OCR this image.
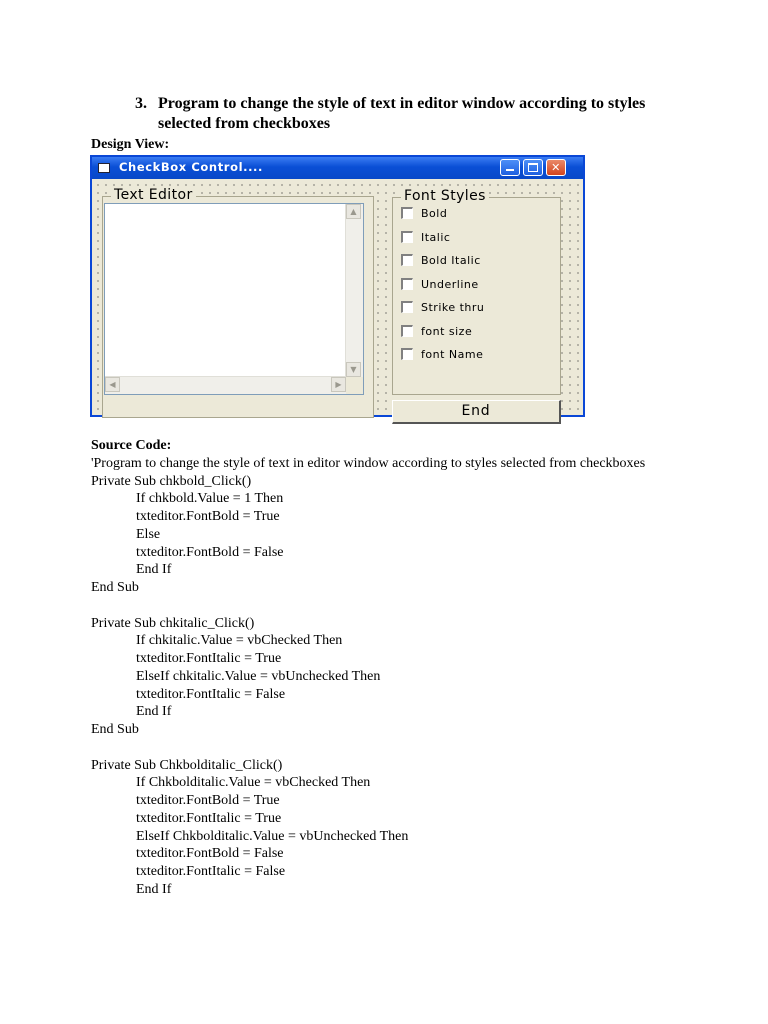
3. Program to change the style of text in editor window according to styles selected from checkboxes
Design View:
CheckBox Control....	✕
Text Editor
▲
▼
◀	▶
Font Styles
Bold
Italic
Bold Italic
Underline
Strike thru
font size
font Name
End
Source Code:
'Program to change the style of text in editor window according to styles selected from checkboxes
Private Sub chkbold_Click()
If chkbold.Value = 1 Then
txteditor.FontBold = True
Else
txteditor.FontBold = False
End If
End Sub
Private Sub chkitalic_Click()
If chkitalic.Value = vbChecked Then
txteditor.FontItalic = True
ElseIf chkitalic.Value = vbUnchecked Then
txteditor.FontItalic = False
End If
End Sub
Private Sub Chkbolditalic_Click()
If Chkbolditalic.Value = vbChecked Then
txteditor.FontBold = True
txteditor.FontItalic = True
ElseIf Chkbolditalic.Value = vbUnchecked Then
txteditor.FontBold = False
txteditor.FontItalic = False
End If
